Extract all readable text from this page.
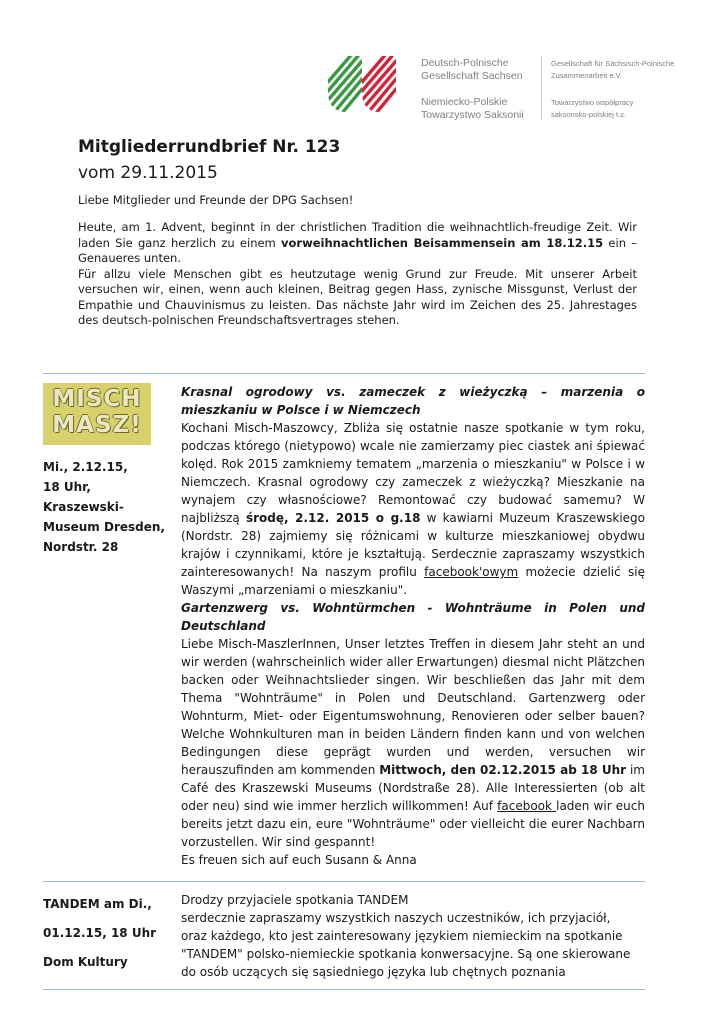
Deutsch-Polnische
Gesellschaft Sachsen
Niemiecko-Polskie
Towarzystwo Saksonii
Gesellschaft für Sächsisch-Polnische
Zusammenarbeit e.V.
Towarzystwo współpracy
saksonsko-polskiej t.z.
Mitgliederrundbrief Nr. 123
vom 29.11.2015
Liebe Mitglieder und Freunde der DPG Sachsen!

Heute, am 1. Advent, beginnt in der christlichen Tradition die weihnachtlich-freudige Zeit. Wir laden Sie ganz herzlich zu einem vorweihnachtlichen Beisammensein am 18.12.15 ein – Genaueres unten.

Für allzu viele Menschen gibt es heutzutage wenig Grund zur Freude. Mit unserer Arbeit versuchen wir, einen, wenn auch kleinen, Beitrag gegen Hass, zynische Missgunst, Verlust der Empathie und Chauvinismus zu leisten. Das nächste Jahr wird im Zeichen des 25. Jahrestages des deutsch-polnischen Freundschaftsvertrages stehen.

MISCH
MASZ!
Mi., 2.12.15,
18 Uhr,
Kraszewski-
Museum Dresden,
Nordstr. 28

Krasnal ogrodowy vs. zameczek z wieżyczką – marzenia o mieszkaniu w Polsce i w Niemczech

Kochani Misch-Maszowcy, Zbliża się ostatnie nasze spotkanie w tym roku, podczas którego (nietypowo) wcale nie zamierzamy piec ciastek ani śpiewać kolęd. Rok 2015 zamkniemy tematem „marzenia o mieszkaniu" w Polsce i w Niemczech. Krasnal ogrodowy czy zameczek z wieżyczką? Mieszkanie na wynajem czy własnościowe? Remontować czy budować samemu? W najbliższą środę, 2.12. 2015 o g.18 w kawiarni Muzeum Kraszewskiego (Nordstr. 28) zajmiemy się różnicami w kulturze mieszkaniowej obydwu krajów i czynnikami, które je kształtują. Serdecznie zapraszamy wszystkich zainteresowanych! Na naszym profilu facebook'owym możecie dzielić się Waszymi „marzeniami o mieszkaniu".

Gartenzwerg vs. Wohntürmchen - Wohnträume in Polen und Deutschland

Liebe Misch-MaszlerInnen, Unser letztes Treffen in diesem Jahr steht an und wir werden (wahrscheinlich wider aller Erwartungen) diesmal nicht Plätzchen backen oder Weihnachtslieder singen. Wir beschließen das Jahr mit dem Thema "Wohnträume" in Polen und Deutschland. Gartenzwerg oder Wohnturm, Miet- oder Eigentumswohnung, Renovieren oder selber bauen? Welche Wohnkulturen man in beiden Ländern finden kann und von welchen Bedingungen diese geprägt wurden und werden, versuchen wir herauszufinden am kommenden Mittwoch, den 02.12.2015 ab 18 Uhr im Café des Kraszewski Museums (Nordstraße 28). Alle Interessierten (ob alt oder neu) sind wie immer herzlich willkommen! Auf facebook laden wir euch bereits jetzt dazu ein, eure "Wohnträume" oder vielleicht die eurer Nachbarn vorzustellen. Wir sind gespannt!

Es freuen sich auf euch Susann & Anna

TANDEM am Di.,
01.12.15, 18 Uhr
Dom Kultury
Drodzy przyjaciele spotkania TANDEM
serdecznie zapraszamy wszystkich naszych uczestników, ich przyjaciół,
oraz każdego, kto jest zainteresowany językiem niemieckim na spotkanie
"TANDEM" polsko-niemieckie spotkania konwersacyjne. Są one skierowane
do osób uczących się sąsiedniego języka lub chętnych poznania
